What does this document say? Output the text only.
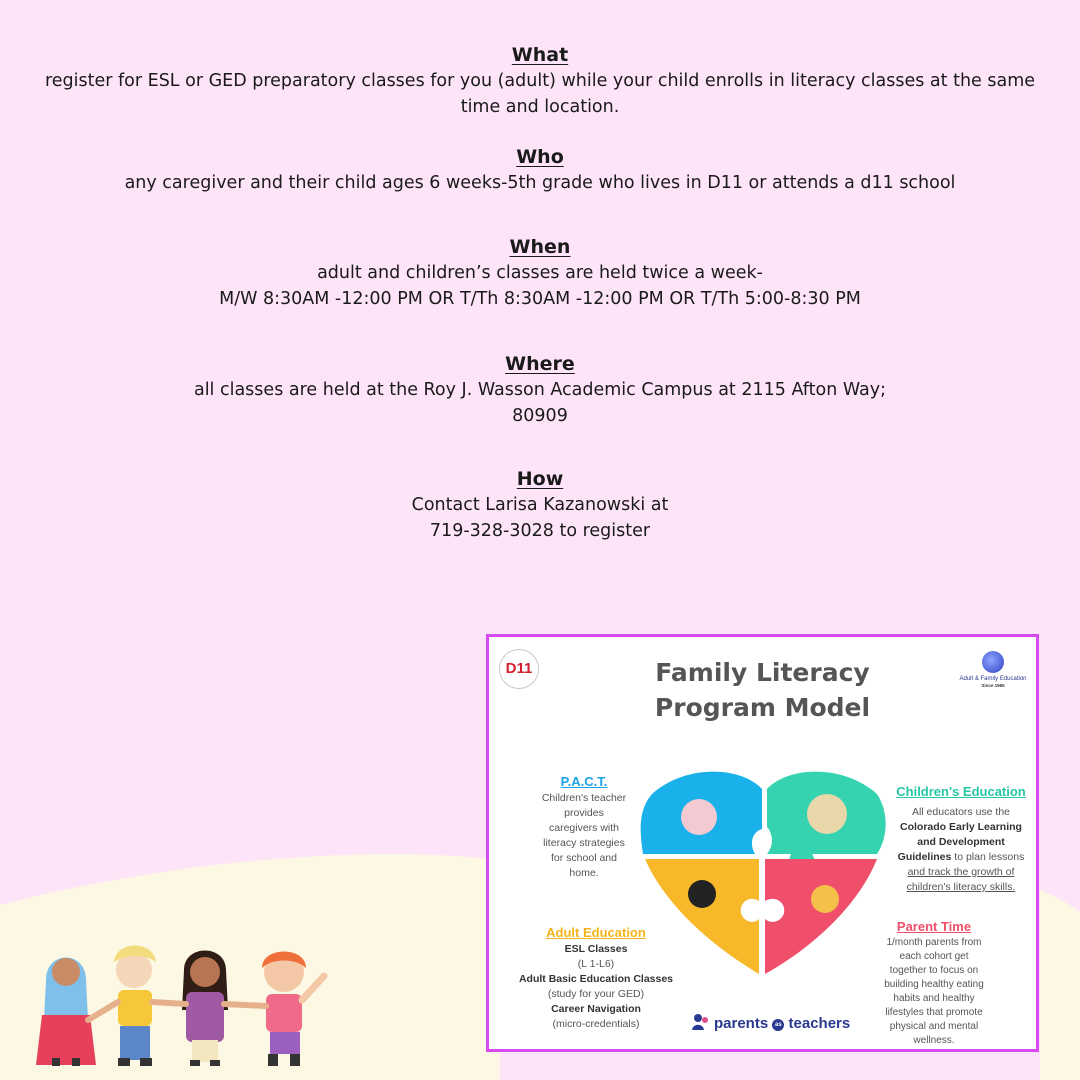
What
register for ESL or GED preparatory classes for you (adult) while your child enrolls in literacy classes at the same
time and location.
Who
any caregiver and their child ages 6 weeks-5th grade who lives in D11 or attends a d11 school
When
adult and children’s classes are held twice a week-
M/W 8:30AM -12:00 PM OR T/Th 8:30AM -12:00 PM OR T/Th 5:00-8:30 PM
Where
all classes are held at the Roy J. Wasson Academic Campus at 2115 Afton Way;
80909
How
Contact Larisa Kazanowski at
719-328-3028 to register
D11
Adult & Family Education
Since 1965
Family Literacy
Program Model
P.A.C.T.
Children's teacher
provides
caregivers with
literacy strategies
for school and
home.
Children's Education
All educators use the
Colorado Early Learning
and Development
Guidelines to plan lessons
and track the growth of
children's literacy skills.
Adult Education
ESL Classes
(L 1-L6)
Adult Basic Education Classes
(study for your GED)
Career Navigation
(micro-credentials)
Parent Time
1/month parents from
each cohort get
together to focus on
building healthy eating
habits and healthy
lifestyles that promote
physical and mental
wellness.
parents as teachers
